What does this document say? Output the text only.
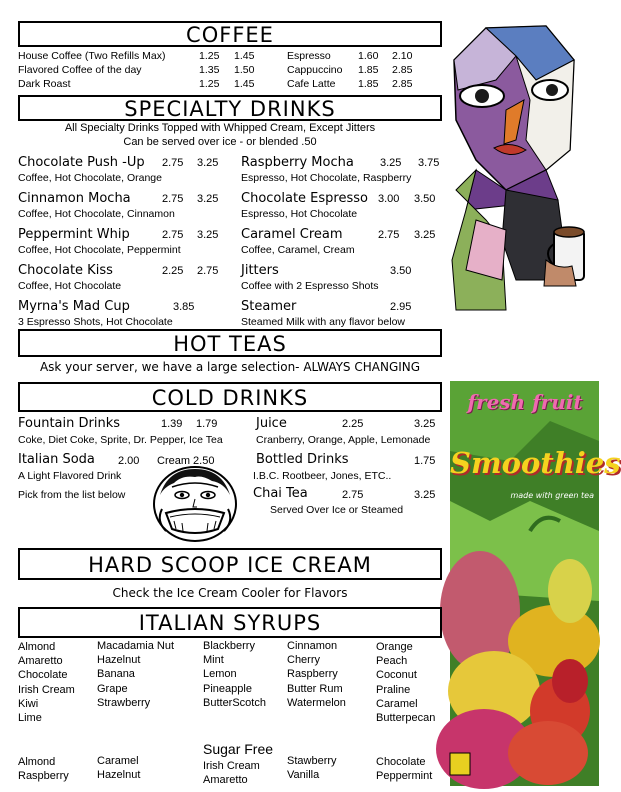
COFFEE
House Coffee (Two Refills Max)	1.25 1.45
Flavored Coffee of the day	1.35 1.50
Dark Roast	1.25 1.45
Espresso	1.60 2.10
Cappuccino 1.85 2.85
Cafe Latte 1.85 2.85
SPECIALTY DRINKS
All Specialty Drinks Topped with Whipped Cream, Except Jitters
Can be served over ice - or blended .50
Chocolate Push -Up 2.75 3.25
Coffee, Hot Chocolate, Orange
Cinnamon Mocha	2.75 3.25
Coffee, Hot Chocolate, Cinnamon
Peppermint Whip	2.75 3.25
Coffee, Hot Chocolate, Peppermint
Chocolate Kiss	2.25 2.75
Coffee, Hot Chocolate
Myrna's Mad Cup	3.85
3 Espresso Shots, Hot Chocolate
Raspberry Mocha 3.25 3.75
Espresso, Hot Chocolate, Raspberry
Chocolate Espresso 3.00 3.50
Espresso, Hot Chocolate
Caramel Cream	2.75 3.25
Coffee, Caramel, Cream
Jitters	3.50
Coffee with 2 Espresso Shots
Steamer	2.95
Steamed Milk with any flavor below
HOT TEAS
Ask your server, we have a large selection- ALWAYS CHANGING
COLD DRINKS
Fountain Drinks	1.39 1.79
Coke, Diet Coke, Sprite, Dr. Pepper, Ice Tea
Italian Soda 2.00 Cream 2.50
A Light Flavored Drink
Pick from the list below
Juice	2.25	3.25
Cranberry, Orange, Apple, Lemonade
Bottled Drinks	1.75
I.B.C. Rootbeer, Jones, ETC..
Chai Tea	2.75	3.25
Served Over Ice or Steamed
fresh fruit
Smoothies
made with green tea
HARD SCOOP ICE CREAM
Check the Ice Cream Cooler for Flavors
ITALIAN SYRUPS
Almond
Amaretto
Chocolate
Irish Cream
Kiwi
Lime
Macadamia Nut
Hazelnut
Banana
Grape
Strawberry
Blackberry
Mint
Lemon
Pineapple
ButterScotch
Cinnamon
Cherry
Raspberry
Butter Rum
Watermelon
Orange
Peach
Coconut
Praline
Caramel
Butterpecan
Sugar Free
Almond
Raspberry
Caramel
Hazelnut
Irish Cream
Amaretto
Stawberry
Vanilla
Chocolate
Peppermint
